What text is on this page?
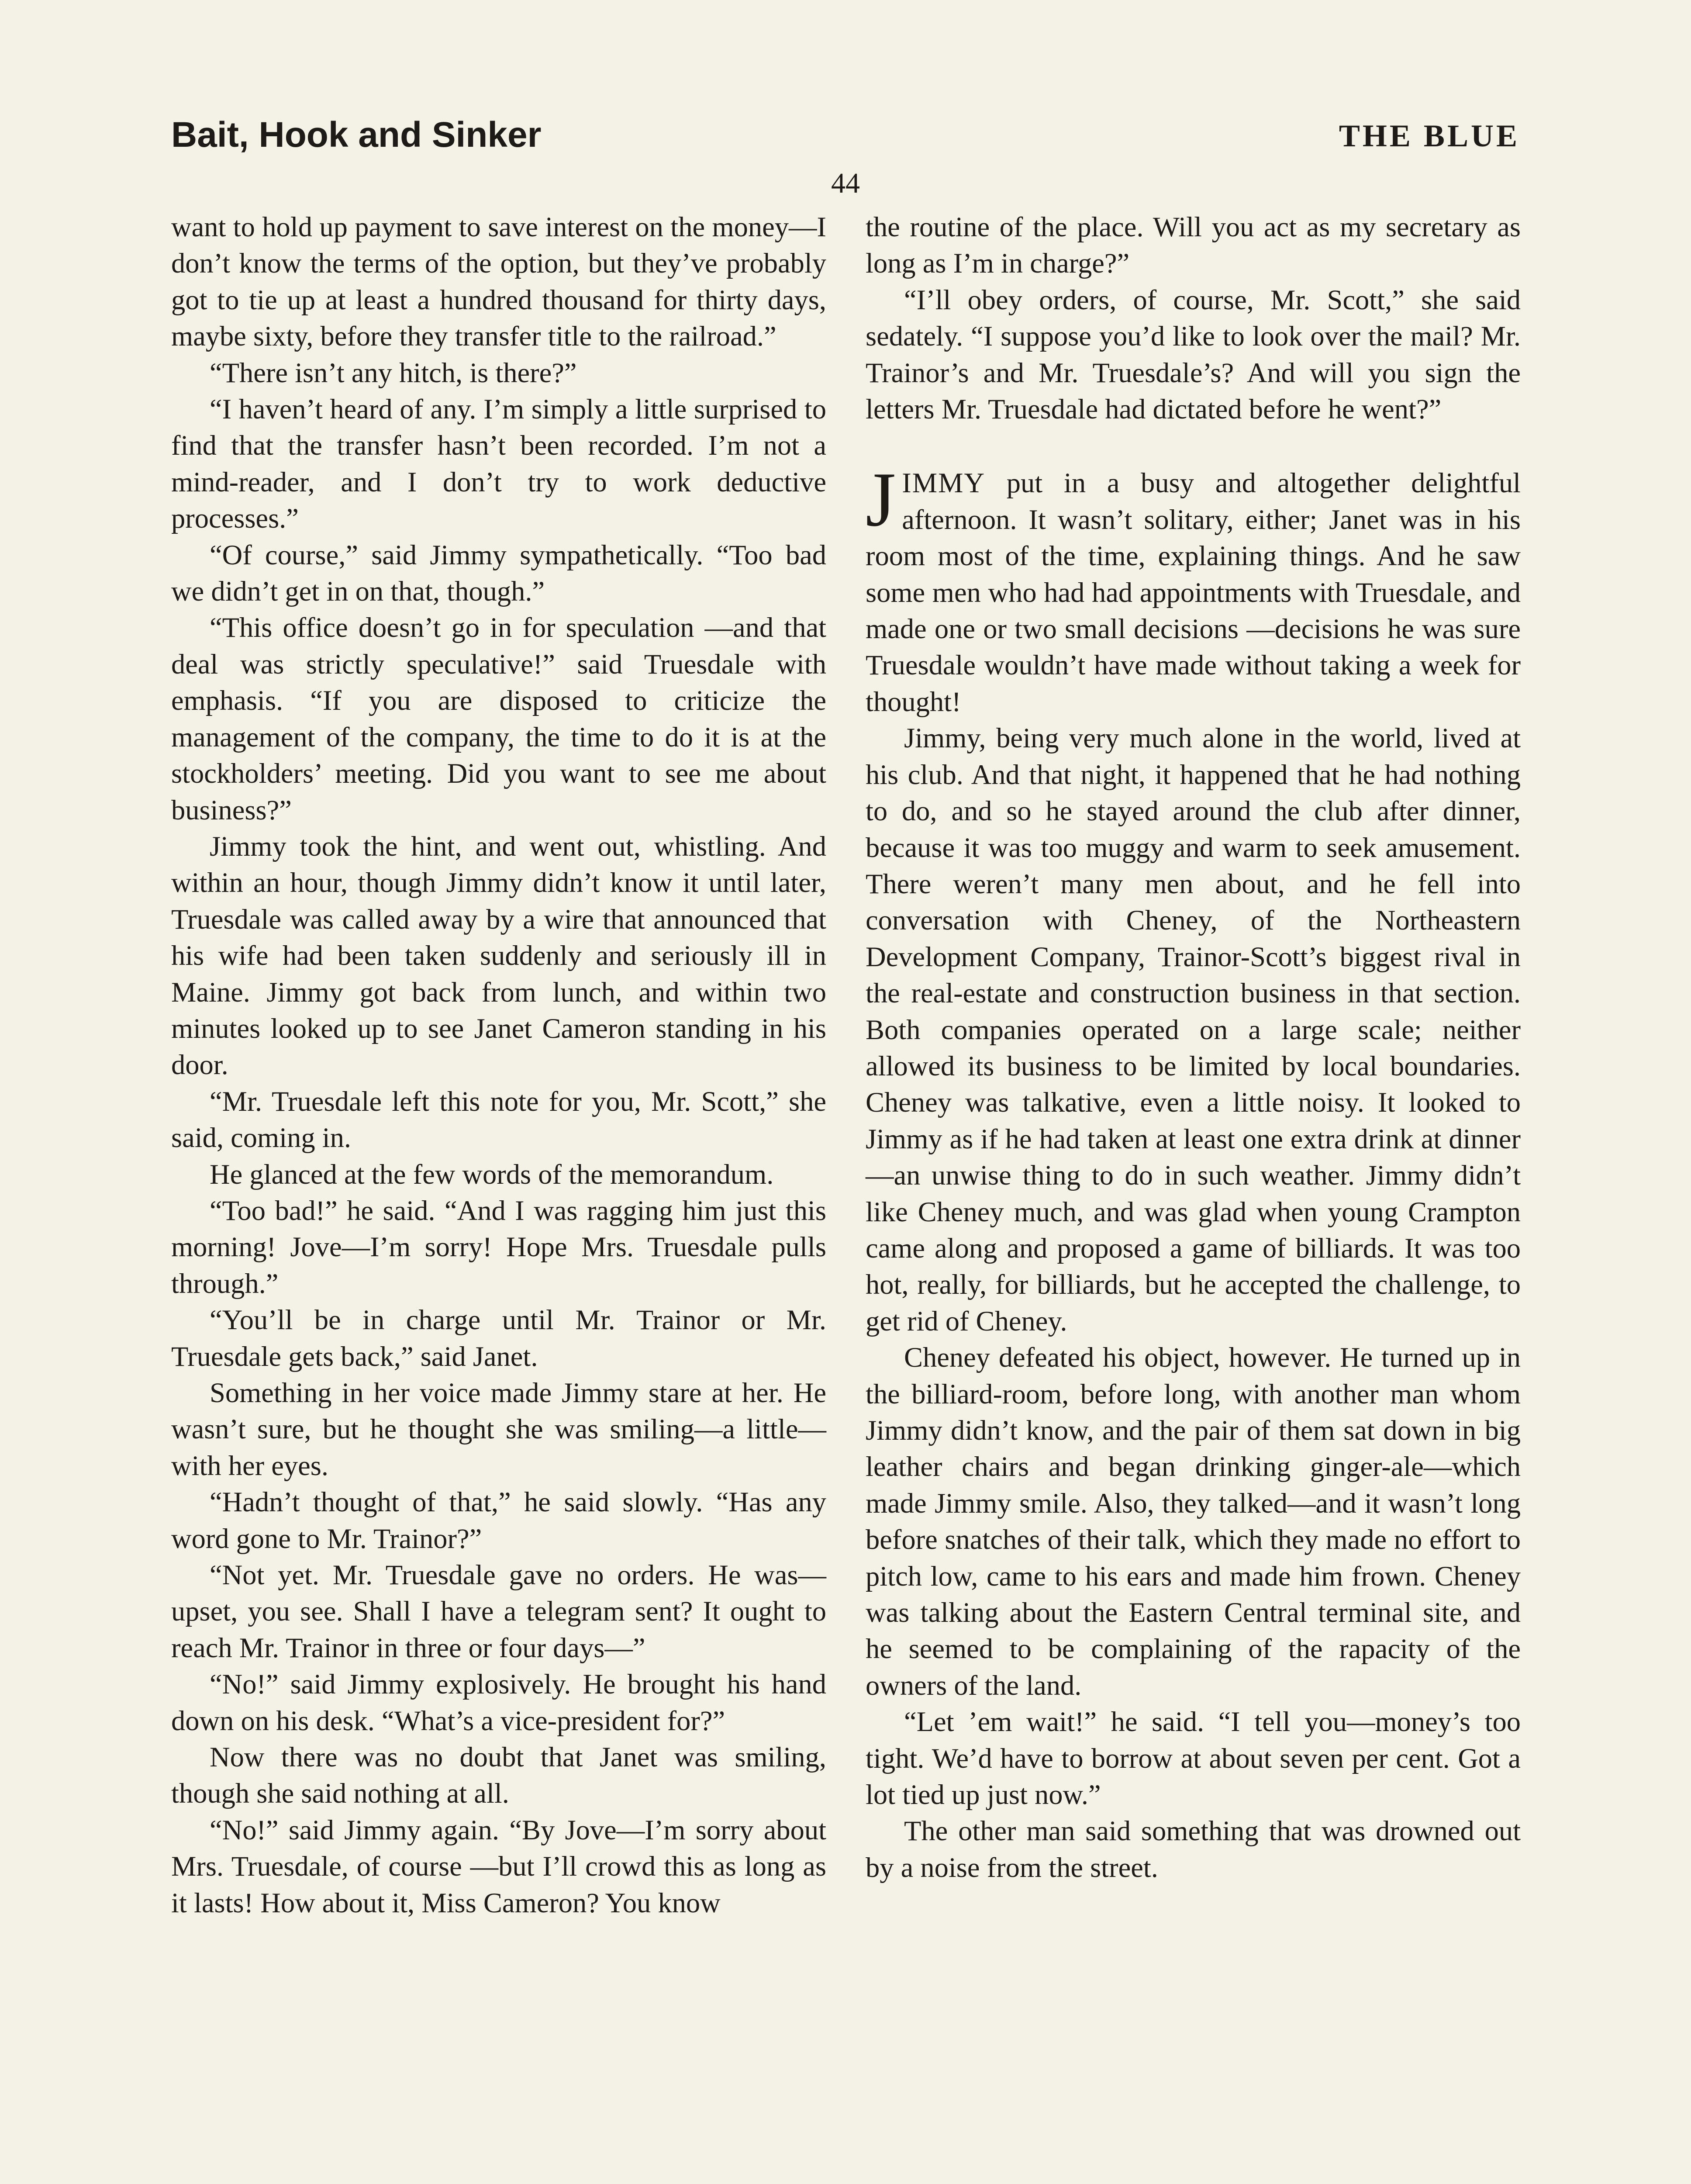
Bait, Hook and Sinker	THE BLUE
44

want to hold up payment to save interest on the money—I don’t know the terms of the option, but they’ve probably got to tie up at least a hundred thousand for thirty days, maybe sixty, before they transfer title to the railroad.”

“There isn’t any hitch, is there?”

“I haven’t heard of any. I’m simply a little surprised to find that the transfer hasn’t been recorded. I’m not a mind-reader, and I don’t try to work deductive processes.”

“Of course,” said Jimmy sympathetically. “Too bad we didn’t get in on that, though.”

“This office doesn’t go in for speculation —and that deal was strictly speculative!” said Truesdale with emphasis. “If you are disposed to criticize the management of the company, the time to do it is at the stockholders’ meeting. Did you want to see me about business?”

Jimmy took the hint, and went out, whistling. And within an hour, though Jimmy didn’t know it until later, Truesdale was called away by a wire that announced that his wife had been taken suddenly and seriously ill in Maine. Jimmy got back from lunch, and within two minutes looked up to see Janet Cameron standing in his door.

“Mr. Truesdale left this note for you, Mr. Scott,” she said, coming in.

He glanced at the few words of the memorandum.

“Too bad!” he said. “And I was ragging him just this morning! Jove—I’m sorry! Hope Mrs. Truesdale pulls through.”

“You’ll be in charge until Mr. Trainor or Mr. Truesdale gets back,” said Janet.

Something in her voice made Jimmy stare at her. He wasn’t sure, but he thought she was smiling—a little—with her eyes.

“Hadn’t thought of that,” he said slowly. “Has any word gone to Mr. Trainor?”

“Not yet. Mr. Truesdale gave no orders. He was—upset, you see. Shall I have a telegram sent? It ought to reach Mr. Trainor in three or four days—”

“No!” said Jimmy explosively. He brought his hand down on his desk. “What’s a vice-president for?”

Now there was no doubt that Janet was smiling, though she said nothing at all.

“No!” said Jimmy again. “By Jove—I’m sorry about Mrs. Truesdale, of course —but I’ll crowd this as long as it lasts! How about it, Miss Cameron? You know

the routine of the place. Will you act as my secretary as long as I’m in charge?”

“I’ll obey orders, of course, Mr. Scott,” she said sedately. “I suppose you’d like to look over the mail? Mr. Trainor’s and Mr. Truesdale’s? And will you sign the letters Mr. Truesdale had dictated before he went?”

JIMMY put in a busy and altogether delightful afternoon. It wasn’t solitary, either; Janet was in his room most of the time, explaining things. And he saw some men who had had appointments with Truesdale, and made one or two small decisions —decisions he was sure Truesdale wouldn’t have made without taking a week for thought!

Jimmy, being very much alone in the world, lived at his club. And that night, it happened that he had nothing to do, and so he stayed around the club after dinner, because it was too muggy and warm to seek amusement. There weren’t many men about, and he fell into conversation with Cheney, of the Northeastern Development Company, Trainor-Scott’s biggest rival in the real-estate and construction business in that section. Both companies operated on a large scale; neither allowed its business to be limited by local boundaries. Cheney was talkative, even a little noisy. It looked to Jimmy as if he had taken at least one extra drink at dinner—an unwise thing to do in such weather. Jimmy didn’t like Cheney much, and was glad when young Crampton came along and proposed a game of billiards. It was too hot, really, for billiards, but he accepted the challenge, to get rid of Cheney.

Cheney defeated his object, however. He turned up in the billiard-room, before long, with another man whom Jimmy didn’t know, and the pair of them sat down in big leather chairs and began drinking ginger-ale—which made Jimmy smile. Also, they talked—and it wasn’t long before snatches of their talk, which they made no effort to pitch low, came to his ears and made him frown. Cheney was talking about the Eastern Central terminal site, and he seemed to be complaining of the rapacity of the owners of the land.

“Let ’em wait!” he said. “I tell you—money’s too tight. We’d have to borrow at about seven per cent. Got a lot tied up just now.”

The other man said something that was drowned out by a noise from the street.
